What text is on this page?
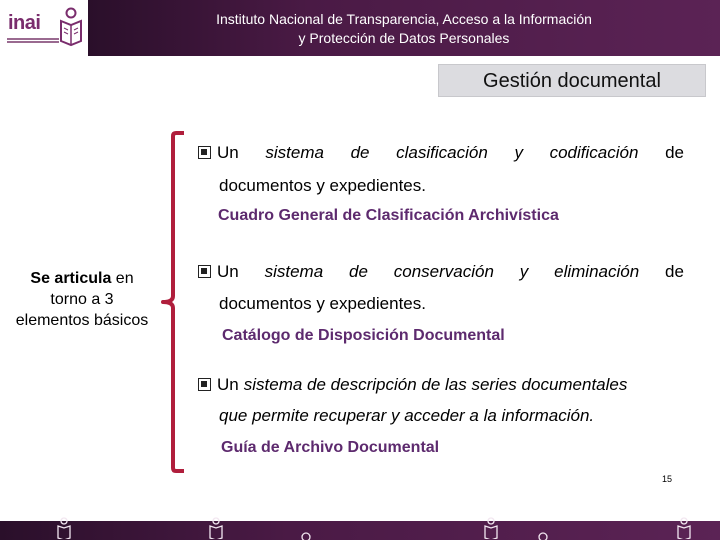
inai	Instituto Nacional de Transparencia, Acceso a la Información
y Protección de Datos Personales
Gestión documental
Se articula en
torno a 3
elementos básicos
Un sistema de clasificación y codificación de
documentos y expedientes.
Cuadro General de Clasificación Archivística
Un sistema de conservación y eliminación de
documentos y expedientes.
Catálogo de Disposición Documental
Un sistema de descripción de las series documentales
que permite recuperar y acceder a la información.
Guía de Archivo Documental
15
